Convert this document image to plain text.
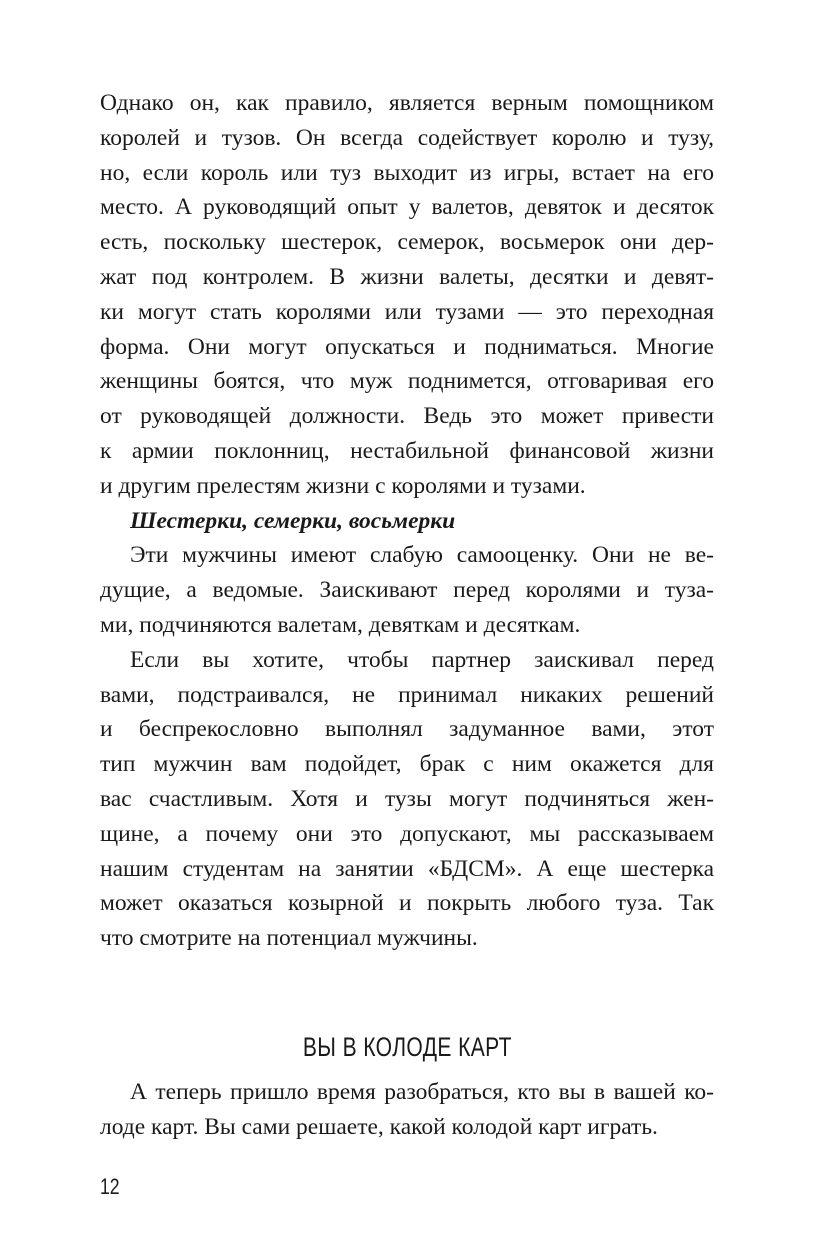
Однако он, как правило, является верным помощником
королей и тузов. Он всегда содействует королю и тузу,
но, если король или туз выходит из игры, встает на его
место. А руководящий опыт у валетов, девяток и десяток
есть, поскольку шестерок, семерок, восьмерок они дер-
жат под контролем. В жизни валеты, десятки и девят-
ки могут стать королями или тузами — это переходная
форма. Они могут опускаться и подниматься. Многие
женщины боятся, что муж поднимется, отговаривая его
от руководящей должности. Ведь это может привести
к армии поклонниц, нестабильной финансовой жизни
и другим прелестям жизни с королями и тузами.
Шестерки, семерки, восьмерки
Эти мужчины имеют слабую самооценку. Они не ве-
дущие, а ведомые. Заискивают перед королями и туза-
ми, подчиняются валетам, девяткам и десяткам.
Если вы хотите, чтобы партнер заискивал перед
вами, подстраивался, не принимал никаких решений
и беспрекословно выполнял задуманное вами, этот
тип мужчин вам подойдет, брак с ним окажется для
вас счастливым. Хотя и тузы могут подчиняться жен-
щине, а почему они это допускают, мы рассказываем
нашим студентам на занятии «БДСМ». А еще шестерка
может оказаться козырной и покрыть любого туза. Так
что смотрите на потенциал мужчины.
ВЫ В КОЛОДЕ КАРТ
А теперь пришло время разобраться, кто вы в вашей ко-
лоде карт. Вы сами решаете, какой колодой карт играть.
12
